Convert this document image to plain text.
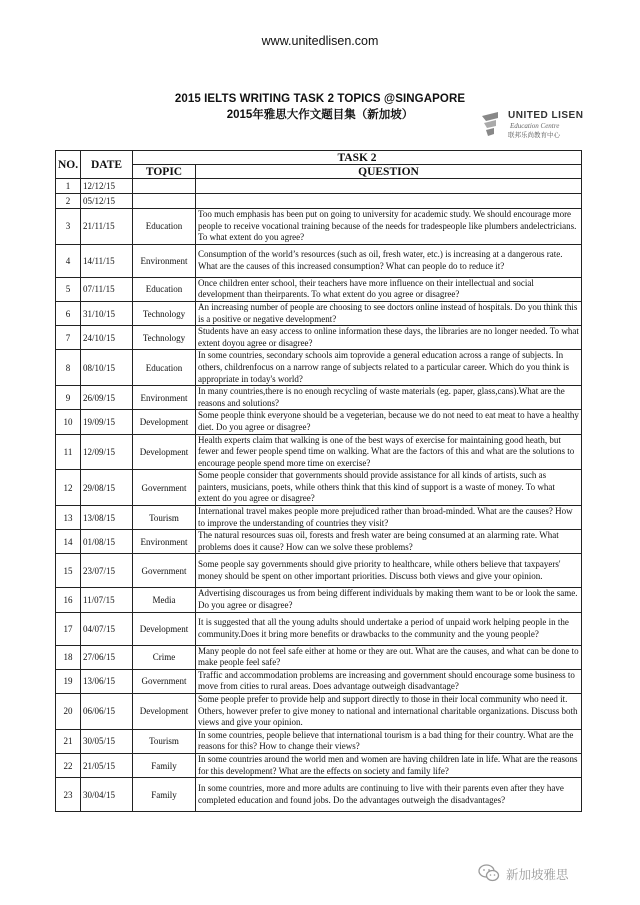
www.unitedlisen.com
2015 IELTS WRITING TASK 2 TOPICS @SINGAPORE
2015年雅思大作文题目集（新加坡）	UNITED LISEN
Education Centre
联邦乐尚教育中心
NO.	DATE	TASK 2	
		TOPIC	QUESTION
1	12/12/15		
2	05/12/15		
3	21/11/15	Education	Too much emphasis has been put on going to university for academic study. We should encourage more people to receive vocational training because of the needs for tradespeople like plumbers andelectricians. To what extent do you agree?
4	14/11/15	Environment	Consumption of the world’s resources (such as oil, fresh water, etc.) is increasing at a dangerous rate. What are the causes of this increased consumption? What can people do to reduce it?
5	07/11/15	Education	Once children enter school, their teachers have more influence on their intellectual and social development than theirparents. To what extent do you agree or disagree?
6	31/10/15	Technology	An increasing number of people are choosing to see doctors online instead of hospitals. Do you think this is a positive or negative development?
7	24/10/15	Technology	Students have an easy access to online information these days, the libraries are no longer needed. To what extent doyou agree or disagree?
8	08/10/15	Education	In some countries, secondary schools aim toprovide a general education across a range of subjects. In others, childrenfocus on a narrow range of subjects related to a particular career. Which do you think is appropriate in today's world?
9	26/09/15	Environment	In many countries,there is no enough recycling of waste materials (eg. paper, glass,cans).What are the reasons and solutions?
10	19/09/15	Development	Some people think everyone should be a vegeterian, because we do not need to eat meat to have a healthy diet. Do you agree or disagree?
11	12/09/15	Development	Health experts claim that walking is one of the best ways of exercise for maintaining good heath, but fewer and fewer people spend time on walking. What are the factors of this and what are the solutions to encourage people spend more time on exercise?
12	29/08/15	Government	Some people consider that governments should provide assistance for all kinds of artists, such as painters, musicians, poets, while others think that this kind of support is a waste of money. To what extent do you agree or disagree?
13	13/08/15	Tourism	International travel makes people more prejudiced rather than broad-minded. What are the causes? How to improve the understanding of countries they visit?
14	01/08/15	Environment	The natural resources suas oil, forests and fresh water are being consumed at an alarming rate. What problems does it cause? How can we solve these problems?
15	23/07/15	Government	Some people say governments should give priority to healthcare, while others believe that taxpayers' money should be spent on other important priorities. Discuss both views and give your opinion.
16	11/07/15	Media	Advertising discourages us from being different individuals by making them want to be or look the same. Do you agree or disagree?
17	04/07/15	Development	It is suggested that all the young adults should undertake a period of unpaid work helping people in the community.Does it bring more benefits or drawbacks to the community and the young people?
18	27/06/15	Crime	Many people do not feel safe either at home or they are out. What are the causes, and what can be done to make people feel safe?
19	13/06/15	Government	Traffic and accommodation problems are increasing and government should encourage some business to move from cities to rural areas. Does advantage outweigh disadvantage?
20	06/06/15	Development	Some people prefer to provide help and support directly to those in their local community who need it. Others, however prefer to give money to national and international charitable organizations. Discuss both views and give your opinion.
21	30/05/15	Tourism	In some countries, people believe that international tourism is a bad thing for their country. What are the reasons for this? How to change their views?
22	21/05/15	Family	In some countries around the world men and women are having children late in life. What are the reasons for this development? What are the effects on society and family life?
23	30/04/15	Family	In some countries, more and more adults are continuing to live with their parents even after they have completed education and found jobs. Do the advantages outweigh the disadvantages?
新加坡雅思
